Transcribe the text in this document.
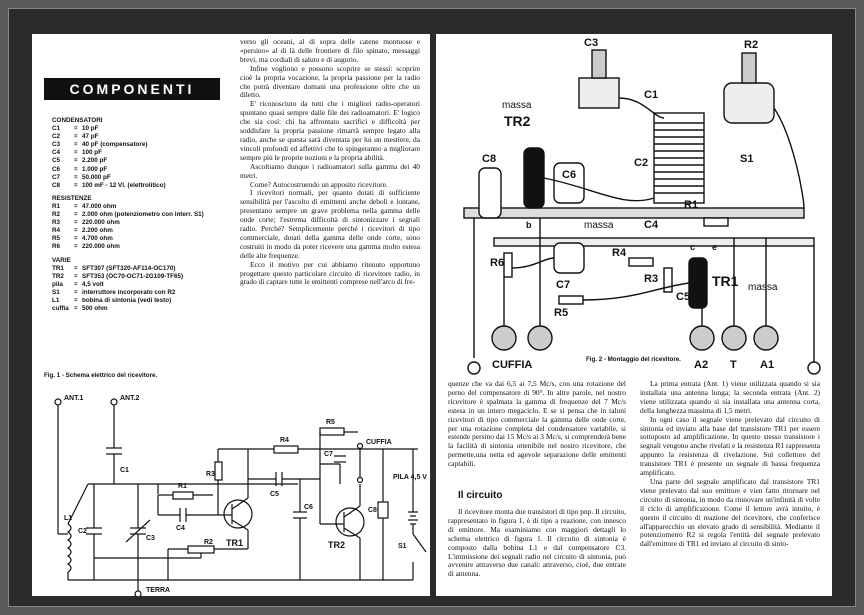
COMPONENTI
CONDENSATORI
C1	= 10 pF
C2	= 47 pF
C3	= 40 pF (compensatore)
C4	= 100 pF
C5	= 2.200 pF
C6	= 1.000 pF
C7	= 50.000 pF
C8	= 100 mF - 12 Vl. (elettrolitico)
RESISTENZE
R1	= 47.000 ohm
R2	= 2.000 ohm (potenziometro con interr. S1)
R3	= 220.000 ohm
R4	= 2.200 ohm
R5	= 4.700 ohm
R6	= 220.000 ohm
VARIE
TR1	= SFT307 (SFT320-AF114-OC170)
TR2	= SFT353 (OC70-OC71-2G109-TF65)
pila	= 4,5 volt
S1	= interruttore incorporato con R2
L1	= bobina di sintonia (vedi testo)
cuffia = 500 ohm

verso gli oceani, al di sopra delle catene montuose e «persino» al di là delle frontiere di filo spinato, messaggi brevi, ma cordiali di saluto e di augurio.

Infine vogliono e possono scoprire se stessi: scoprire cioè la propria vocazione, la propria passione per la radio che potrà diventare domani una professione oltre che un diletto.

E' riconosciuto da tutti che i migliori radio-operatori spuntano quasi sempre dalle file dei radioamatori. E' logico che sia così: chi ha affrontato sacrifici e difficoltà per soddisfare la propria passione rimarrà sempre legato alla radio, anche se questa sarà diventata per lui un mestiere, da vincoli profondi ed affettivi che lo spingeranno a migliorare sempre più le proprie nozioni e la propria abilità.

Ascoltiamo dunque i radioamatori sulla gamma dei 40 metri.

Come? Autocostruendo un apposito ricevitore.

I ricevitori normali, per quanto dotati di sufficiente sensibilità per l'ascolto di emittenti anche deboli e lontane, presentano sempre un grave problema nella gamma delle onde corte; l'estrema difficoltà di sintonizzare i segnali radio. Perché? Semplicemente perché i ricevitori di tipo commerciale, dotati della gamma delle onde corte, sono costruiti in modo da poter ricevere una gamma molto estesa delle alte frequenze.

Ecco il motivo per cui abbiamo ritenuto opportuno progettare questo particolare circuito di ricevitore radio, in grado di captare tutte le emittenti comprese nell'arco di fre-

Fig. 1 - Schema elettrico del ricevitore.
ANT.1	ANT.2
TERRA
CUFFIA
PILA 4,5 V
TR1	TR2
L1
C1
C2
C3
C4
C5
C6
C7
C8
R1
R2
R3
R4
R5
S1
C3	R2
massa
TR2
TR1 massa
massa
CUFFIA	A2 T A1
C1
C2
C4
C5
C6
C7
C8
R1
R3
R4
R5
R6
S1
b
c e
Fig. 2 - Montaggio del ricevitore.

quenze che va dai 6,5 ai 7,5 Mc/s, con una rotazione del perno del compensatore di 90°. In altre parole, nel nostro ricevitore è spalmata la gamma di frequenze del 7 Mc/s estesa in un intero megaciclo. E se si pensa che in taluni ricevitori di tipo commerciale la gamma delle onde corte, per una rotazione completa del condensatore variabile, si estende persino dai 15 Mc/s ai 3 Mc/s, si comprenderà bene la facilità di sintonia ottenibile nel nostro ricevitore, che permette,una netta ed agevole separazione delle emittenti captabili.

Il circuito

Il ricevitore monta due transistori di tipo pnp. Il circuito, rappresentato in figura 1, è di tipo a reazione, con innesco di emittore. Ma esaminiamo con maggiori dettagli lo schema elettrico di figura 1. Il circuito di sintonia è composto dalla bobina L1 e dal compensatore C3. L'immissione dei segnali radio nel circuito di sintonia, può avvenire attraverso due canali: attraverso, cioè, due entrate di antenna.

La prima entrata (Ant. 1) viene utilizzata quando si sia installata una antenna lunga; la seconda entrata (Ant. 2) viene utilizzata quando si sia installata una antenna corta, della lunghezza massima di 1,5 metri.

In ogni caso il segnale viene prelevato dal circuito di sintonia ed inviato alla base del transistore TR1 per essere sottoposto ad amplificazione. In questo stesso transistore i segnali vengono anche rivelati e la resistenza R1 rappresenta appunto la resistenza di rivelazione. Sul collettore del transistore TR1 è presente un segnale di bassa frequenza amplificato.

Una parte del segnale amplificato dal transistore TR1 viene prelevato dal suo emittore e vien fatto ritornare nel circuito di sintonia, in modo da rinnovare un'infinità di volte il ciclo di amplificazione. Come il lettore avrà intuito, è questo il circuito di reazione del ricevitore, che conferisce all'apparecchio un elevato grado di sensibilità. Mediante il potenziometro R2 si regola l'entità del segnale prelevato dall'emittore di TR1 ed inviato al circuito di sinto-
